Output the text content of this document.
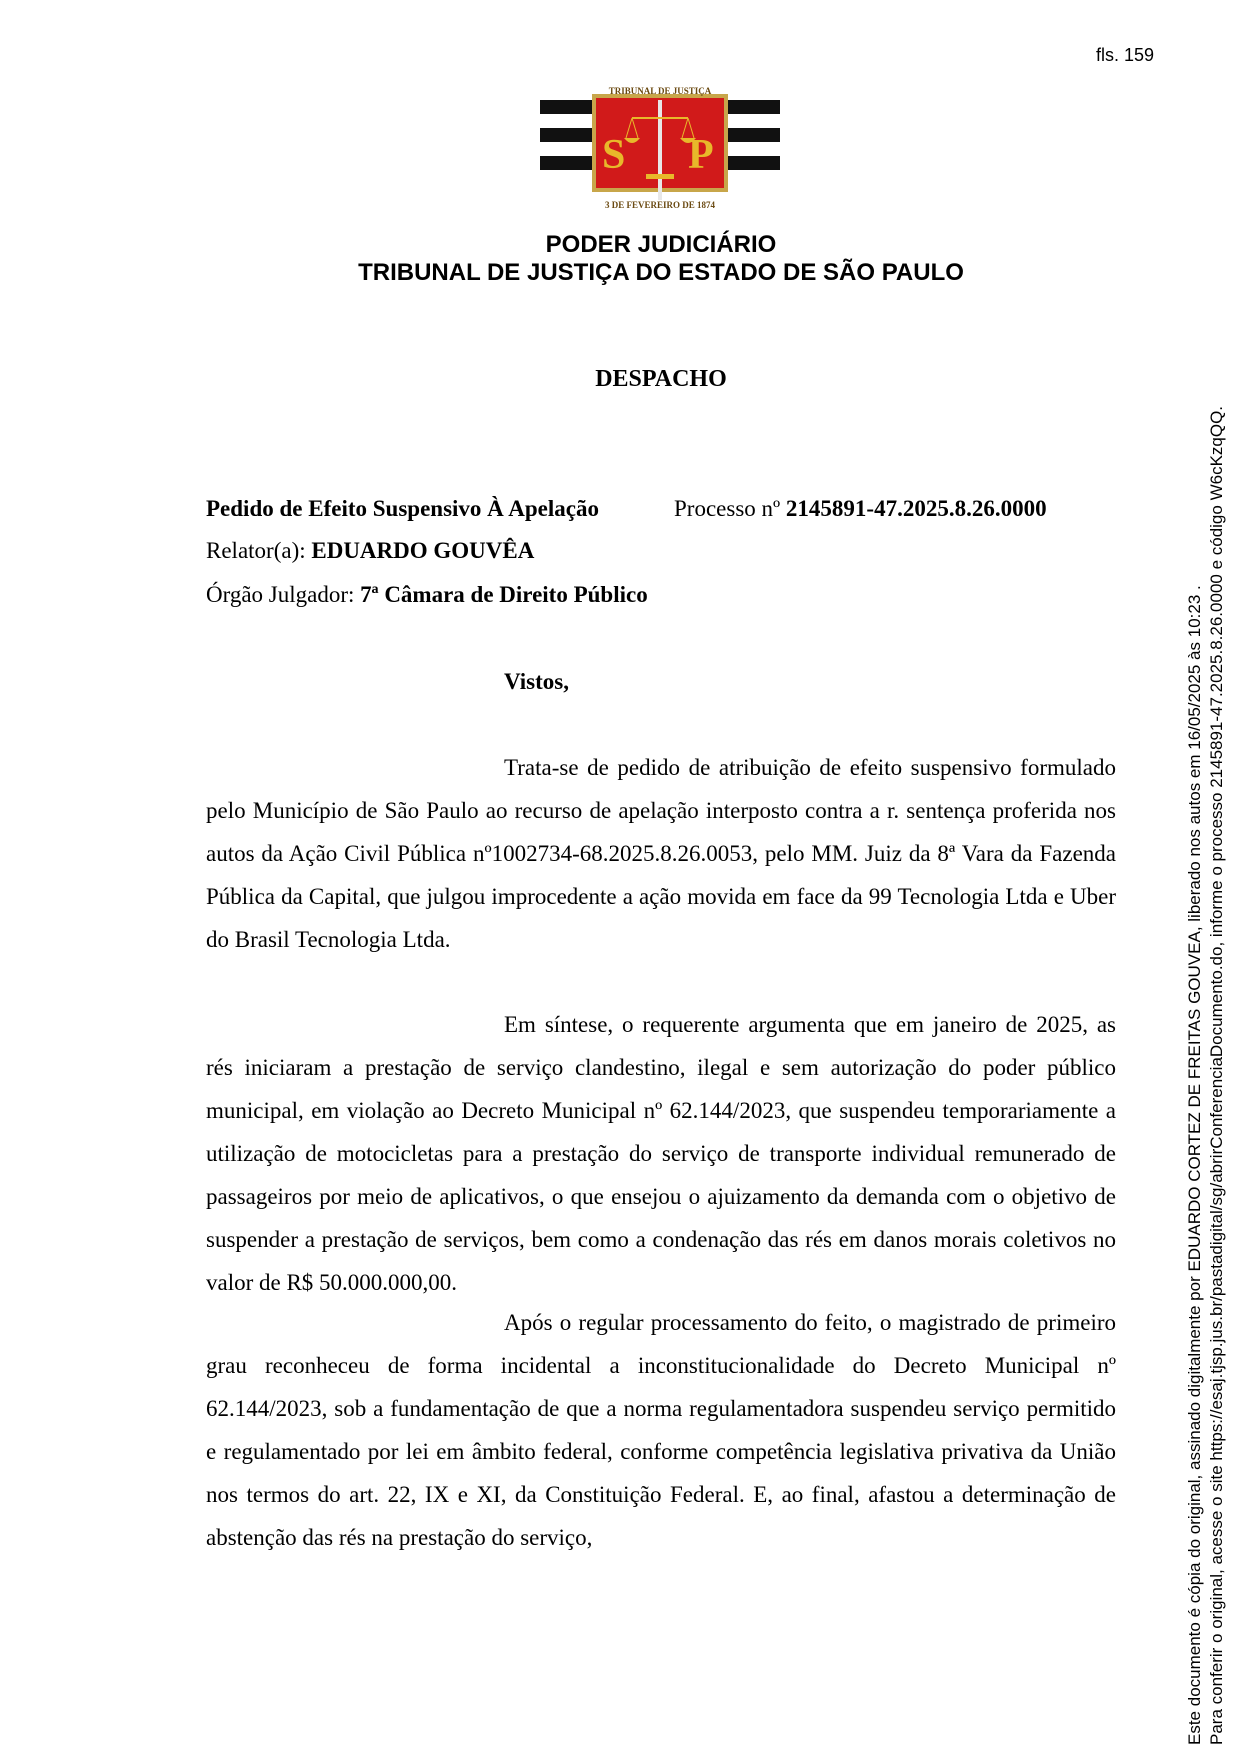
fls. 159
S P
TRIBUNAL DE JUSTIÇA
3 DE FEVEREIRO DE 1874
PODER JUDICIÁRIO
TRIBUNAL DE JUSTIÇA DO ESTADO DE SÃO PAULO
DESPACHO
Pedido de Efeito Suspensivo À Apelação	Processo nº 2145891-47.2025.8.26.0000
Relator(a): EDUARDO GOUVÊA
Órgão Julgador: 7ª Câmara de Direito Público
Vistos,
Trata-se de pedido de atribuição de efeito suspensivo formulado pelo Município de São Paulo ao recurso de apelação interposto contra a r. sentença proferida nos autos da Ação Civil Pública nº1002734-68.2025.8.26.0053, pelo MM. Juiz da 8ª Vara da Fazenda Pública da Capital, que julgou improcedente a ação movida em face da 99 Tecnologia Ltda e Uber do Brasil Tecnologia Ltda.
Em síntese, o requerente argumenta que em janeiro de 2025, as rés iniciaram a prestação de serviço clandestino, ilegal e sem autorização do poder público municipal, em violação ao Decreto Municipal nº 62.144/2023, que suspendeu temporariamente a utilização de motocicletas para a prestação do serviço de transporte individual remunerado de passageiros por meio de aplicativos, o que ensejou o ajuizamento da demanda com o objetivo de suspender a prestação de serviços, bem como a condenação das rés em danos morais coletivos no valor de R$ 50.000.000,00.
Após o regular processamento do feito, o magistrado de primeiro grau reconheceu de forma incidental a inconstitucionalidade do Decreto Municipal nº 62.144/2023, sob a fundamentação de que a norma regulamentadora suspendeu serviço permitido e regulamentado por lei em âmbito federal, conforme competência legislativa privativa da União nos termos do art. 22, IX e XI, da Constituição Federal. E, ao final, afastou a determinação de abstenção das rés na prestação do serviço,	Este documento é cópia do original, assinado digitalmente por EDUARDO CORTEZ DE FREITAS GOUVEA, liberado nos autos em 16/05/2025 às 10:23 . Para conferir o original, acesse o site https://esaj.tjsp.jus.br/pastadigital/sg/abrirConferenciaDocumento.do, informe o processo 2145891-47.2025.8.26.0000 e código W6cKzqQQ.
